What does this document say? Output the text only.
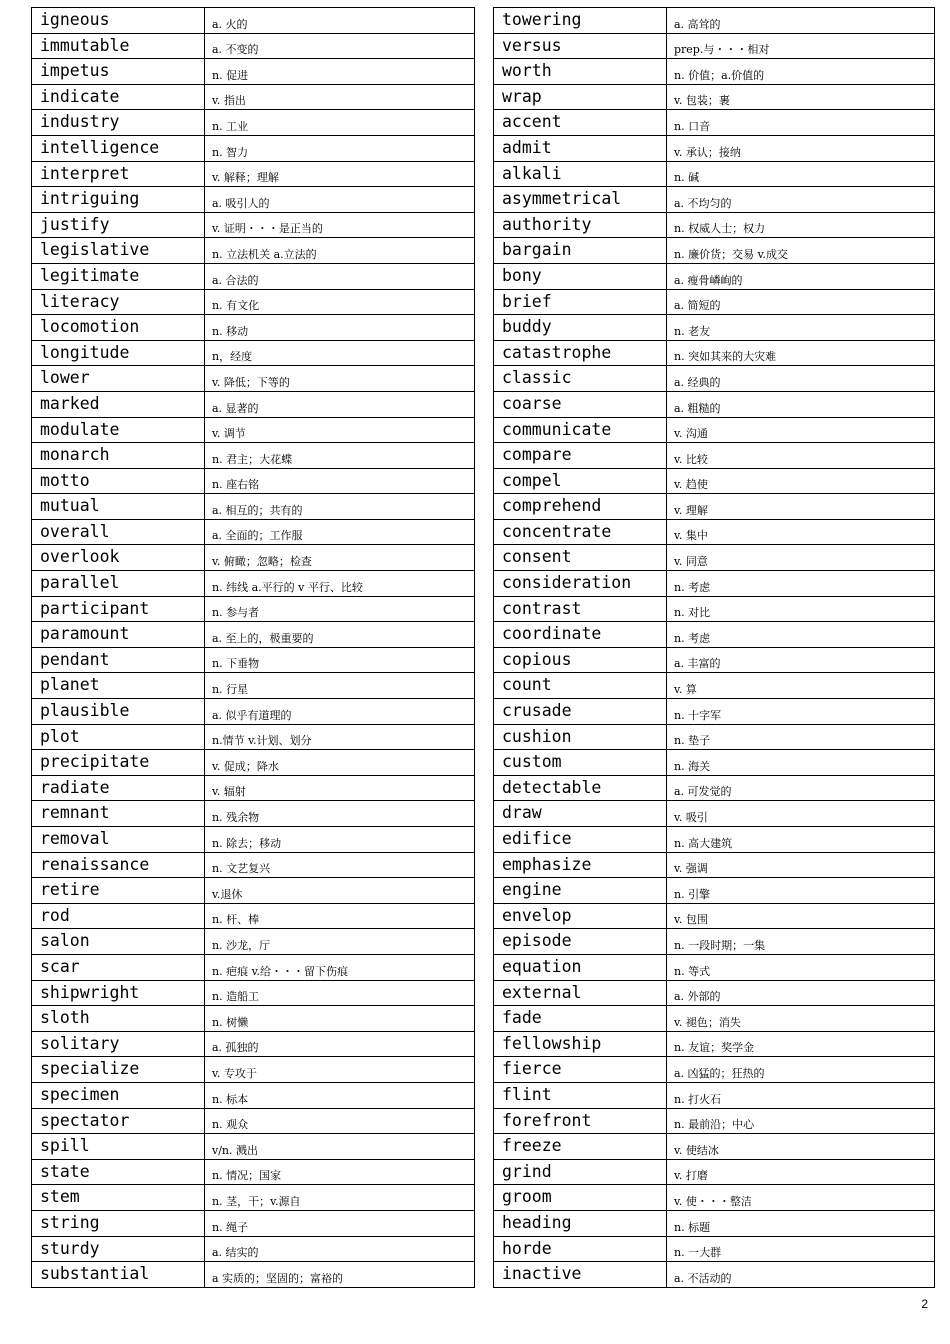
igneous	a. 火的
immutable	a. 不变的
impetus	n. 促进
indicate	v. 指出
industry	n. 工业
intelligence	n. 智力
interpret	v. 解释；理解
intriguing	a. 吸引人的
justify	v. 证明・・・是正当的
legislative	n. 立法机关 a.立法的
legitimate	a. 合法的
literacy	n. 有文化
locomotion	n. 移动
longitude	n，经度
lower	v. 降低；下等的
marked	a. 显著的
modulate	v. 调节
monarch	n. 君主；大花蝶
motto	n. 座右铭
mutual	a. 相互的；共有的
overall	a. 全面的；工作服
overlook	v. 俯瞰；忽略；检查
parallel	n. 纬线 a.平行的 v 平行、比较
participant	n. 参与者
paramount	a. 至上的，极重要的
pendant	n. 下垂物
planet	n. 行星
plausible	a. 似乎有道理的
plot	n.情节 v.计划、划分
precipitate	v. 促成；降水
radiate	v. 辐射
remnant	n. 残余物
removal	n. 除去；移动
renaissance	n. 文艺复兴
retire	v.退休
rod	n. 杆、棒
salon	n. 沙龙，厅
scar	n. 疤痕 v.给・・・留下伤痕
shipwright	n. 造船工
sloth	n. 树懒
solitary	a. 孤独的
specialize	v. 专攻于
specimen	n. 标本
spectator	n. 观众
spill	v/n. 溅出
state	n. 情况；国家
stem	n. 茎，干；v.源自
string	n. 绳子
sturdy	a. 结实的
substantial	a 实质的；坚固的；富裕的
towering	a. 高耸的
versus	prep.与・・・相对
worth	n. 价值；a.价值的
wrap	v. 包装；裹
accent	n. 口音
admit	v. 承认；接纳
alkali	n. 碱
asymmetrical	a. 不均匀的
authority	n. 权威人士；权力
bargain	n. 廉价货；交易 v.成交
bony	a. 瘦骨嶙峋的
brief	a. 简短的
buddy	n. 老友
catastrophe	n. 突如其来的大灾难
classic	a. 经典的
coarse	a. 粗糙的
communicate	v. 沟通
compare	v. 比较
compel	v. 趋使
comprehend	v. 理解
concentrate	v. 集中
consent	v. 同意
consideration	n. 考虑
contrast	n. 对比
coordinate	n. 考虑
copious	a. 丰富的
count	v. 算
crusade	n. 十字军
cushion	n. 垫子
custom	n. 海关
detectable	a. 可发觉的
draw	v. 吸引
edifice	n. 高大建筑
emphasize	v. 强调
engine	n. 引擎
envelop	v. 包围
episode	n. 一段时期；一集
equation	n. 等式
external	a. 外部的
fade	v. 褪色；消失
fellowship	n. 友谊；奖学金
fierce	a. 凶猛的；狂热的
flint	n. 打火石
forefront	n. 最前沿；中心
freeze	v. 使结冰
grind	v. 打磨
groom	v. 使・・・整洁
heading	n. 标题
horde	n. 一大群
inactive	a. 不活动的
2
